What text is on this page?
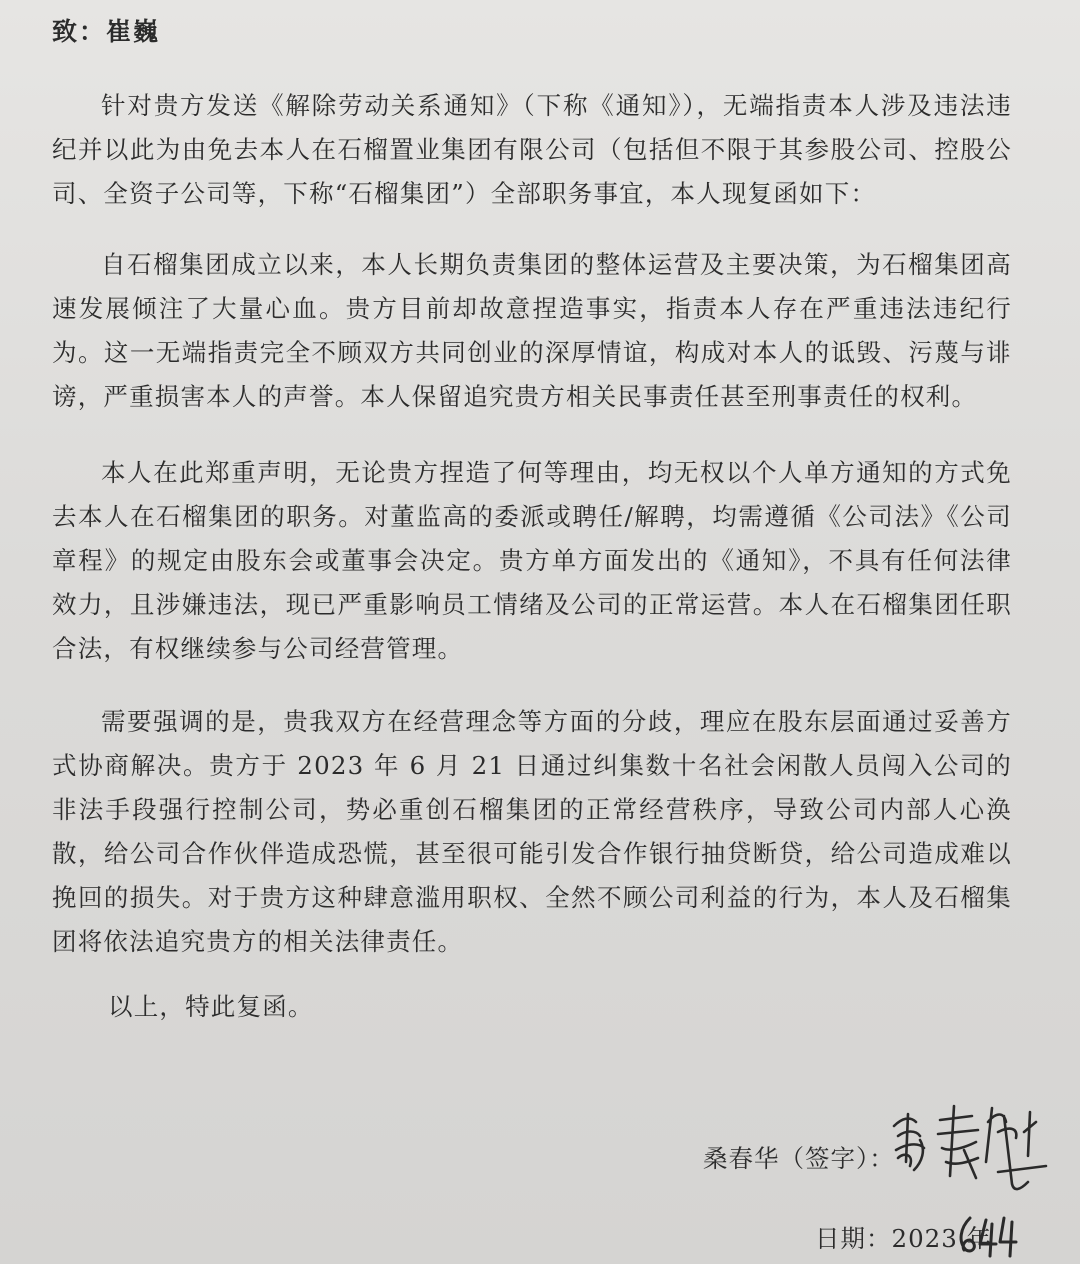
致：崔巍

针对贵方发送《解除劳动关系通知》（下称《通知》），无端指责本人涉及违法违纪并以此为由免去本人在石榴置业集团有限公司（包括但不限于其参股公司、控股公司、全资子公司等，下称“石榴集团”）全部职务事宜，本人现复函如下：

自石榴集团成立以来，本人长期负责集团的整体运营及主要决策，为石榴集团高速发展倾注了大量心血。贵方目前却故意捏造事实，指责本人存在严重违法违纪行为。这一无端指责完全不顾双方共同创业的深厚情谊，构成对本人的诋毁、污蔑与诽谤，严重损害本人的声誉。本人保留追究贵方相关民事责任甚至刑事责任的权利。

本人在此郑重声明，无论贵方捏造了何等理由，均无权以个人单方通知的方式免去本人在石榴集团的职务。对董监高的委派或聘任/解聘，均需遵循《公司法》《公司章程》的规定由股东会或董事会决定。贵方单方面发出的《通知》，不具有任何法律效力，且涉嫌违法，现已严重影响员工情绪及公司的正常运营。本人在石榴集团任职合法，有权继续参与公司经营管理。

需要强调的是，贵我双方在经营理念等方面的分歧，理应在股东层面通过妥善方式协商解决。贵方于 2023 年 6 月 21 日通过纠集数十名社会闲散人员闯入公司的非法手段强行控制公司，势必重创石榴集团的正常经营秩序，导致公司内部人心涣散，给公司合作伙伴造成恐慌，甚至很可能引发合作银行抽贷断贷，给公司造成难以挽回的损失。对于贵方这种肆意滥用职权、全然不顾公司利益的行为，本人及石榴集团将依法追究贵方的相关法律责任。

以上，特此复函。
桑春华（签字）：
日期：2023 年
